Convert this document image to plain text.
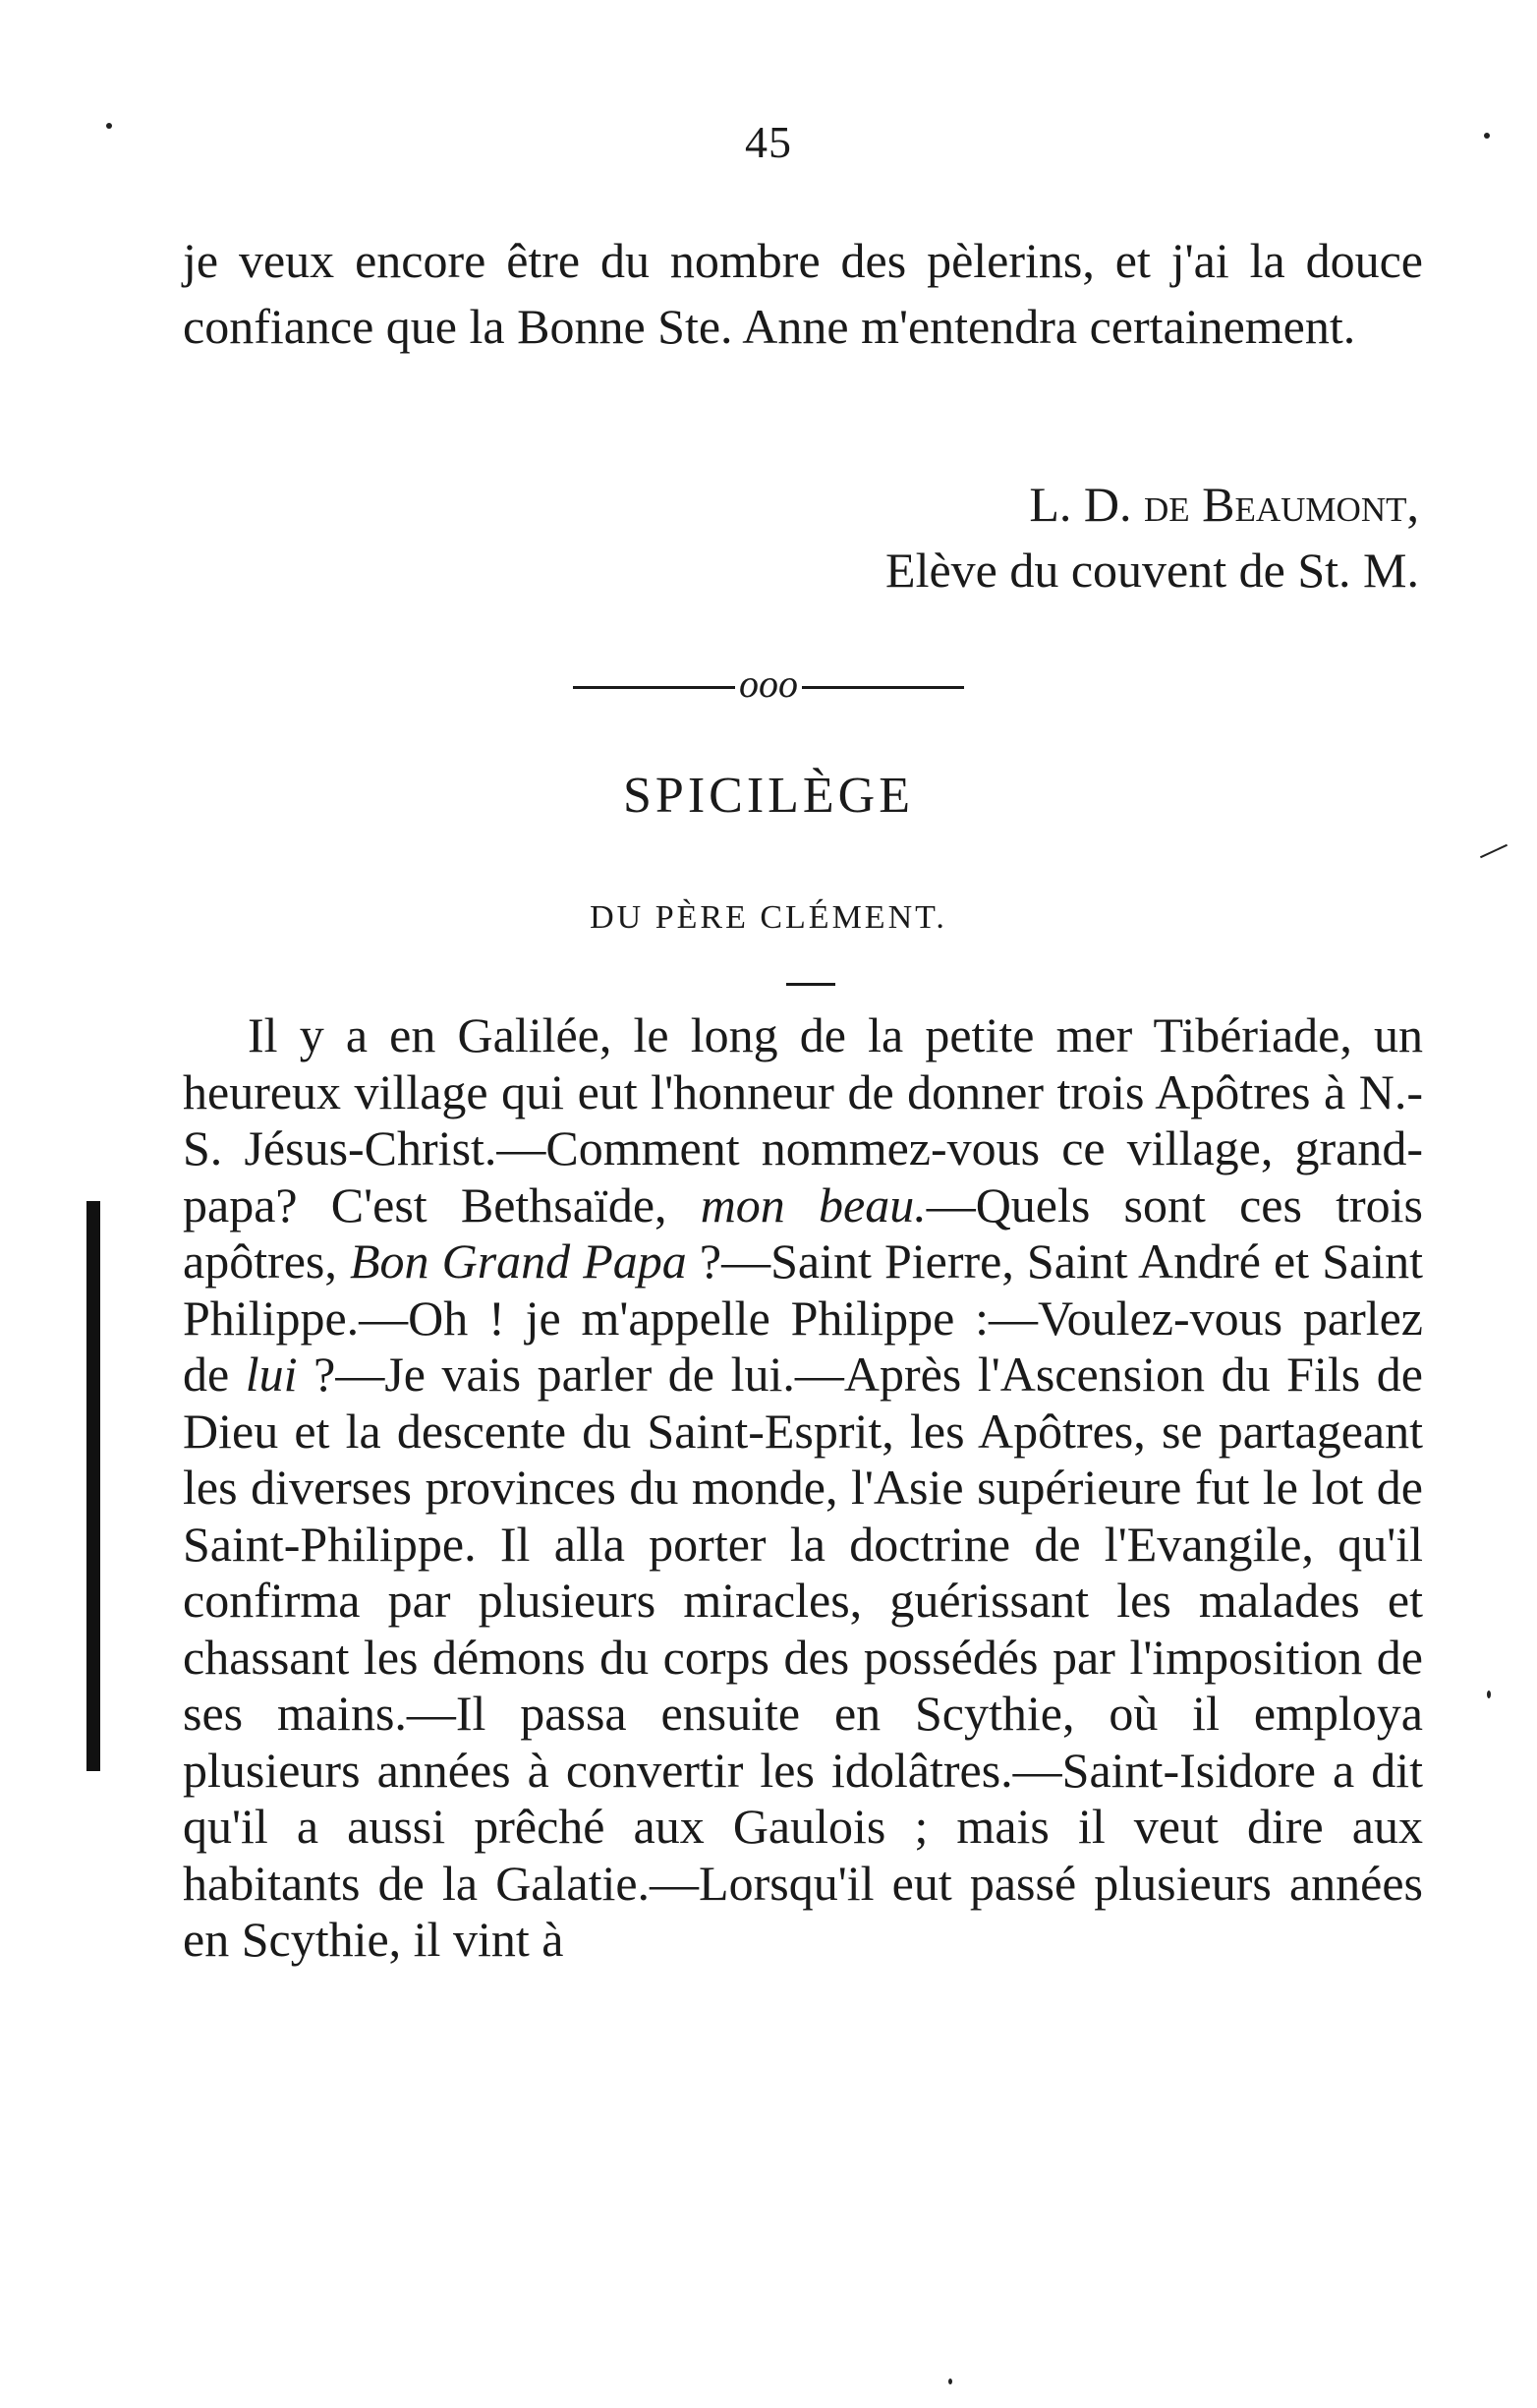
45

je veux encore être du nombre des pèlerins, et j'ai la douce confiance que la Bonne Ste. Anne m'entendra certainement.

L. D. de Beaumont,
Elève du couvent de St. M.
ooo
SPICILÈGE
DU PÈRE CLÉMENT.

Il y a en Galilée, le long de la petite mer Tibériade, un heureux village qui eut l'honneur de donner trois Apôtres à N.-S. Jésus-Christ.—Comment nommez-vous ce village, grand-papa? C'est Bethsaïde, mon beau.—Quels sont ces trois apôtres, Bon Grand Papa ?—Saint Pierre, Saint André et Saint Philippe.—Oh ! je m'appelle Philippe :—Voulez-vous parlez de lui ?—Je vais parler de lui.—Après l'Ascension du Fils de Dieu et la descente du Saint-Esprit, les Apôtres, se partageant les diverses provinces du monde, l'Asie supérieure fut le lot de Saint-Philippe. Il alla porter la doctrine de l'Evangile, qu'il confirma par plusieurs miracles, guérissant les malades et chassant les démons du corps des possédés par l'imposition de ses mains.—Il passa ensuite en Scythie, où il employa plusieurs années à convertir les idolâtres.—Saint-Isidore a dit qu'il a aussi prêché aux Gaulois ; mais il veut dire aux habitants de la Galatie.—Lorsqu'il eut passé plusieurs années en Scythie, il vint à
